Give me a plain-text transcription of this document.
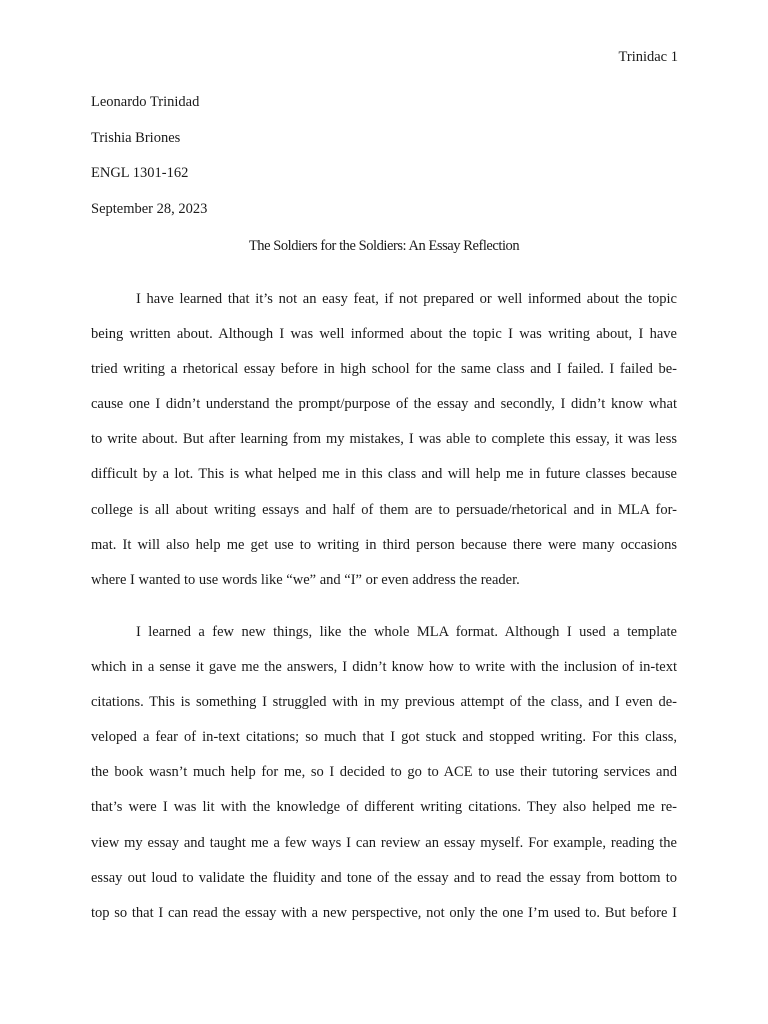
Trinidac 1
Leonardo Trinidad
Trishia Briones
ENGL 1301-162
September 28, 2023
The Soldiers for the Soldiers: An Essay Reflection
I have learned that it’s not an easy feat, if not prepared or well informed about the topic
being written about. Although I was well informed about the topic I was writing about, I have
tried writing a rhetorical essay before in high school for the same class and I failed. I failed be-
cause one I didn’t understand the prompt/purpose of the essay and secondly, I didn’t know what
to write about. But after learning from my mistakes, I was able to complete this essay, it was less
difficult by a lot. This is what helped me in this class and will help me in future classes because
college is all about writing essays and half of them are to persuade/rhetorical and in MLA for-
mat. It will also help me get use to writing in third person because there were many occasions
where I wanted to use words like “we” and “I” or even address the reader.
I learned a few new things, like the whole MLA format. Although I used a template
which in a sense it gave me the answers, I didn’t know how to write with the inclusion of in-text
citations. This is something I struggled with in my previous attempt of the class, and I even de-
veloped a fear of in-text citations; so much that I got stuck and stopped writing. For this class,
the book wasn’t much help for me, so I decided to go to ACE to use their tutoring services and
that’s were I was lit with the knowledge of different writing citations. They also helped me re-
view my essay and taught me a few ways I can review an essay myself. For example, reading the
essay out loud to validate the fluidity and tone of the essay and to read the essay from bottom to
top so that I can read the essay with a new perspective, not only the one I’m used to. But before I
